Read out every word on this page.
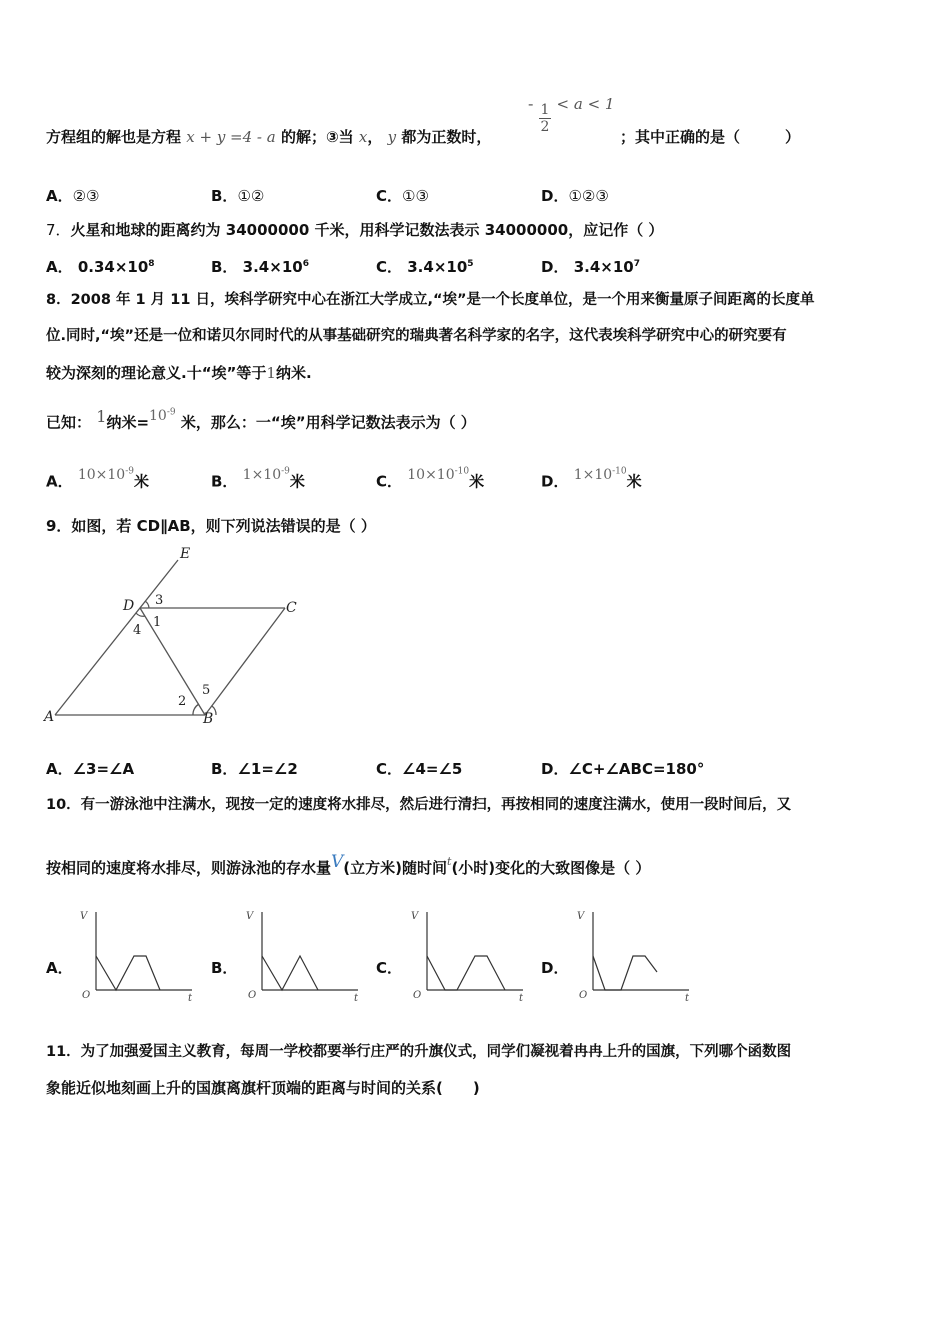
方程组的解也是方程 x + y =4 - a 的解；③当 x， y 都为正数时，
- $\frac{1}{2} < a < 1$
；其中正确的是（　　　）
A．②③	B．①②	C．①③	D．①②③
7．火星和地球的距离约为 34000000 千米，用科学记数法表示 34000000，应记作（ ）
A． $0.34\times 10^8$	B． $3.4\times 10^6$	C． $3.4\times 10^5$	D． $3.4\times 10^7$
8．2008 年 1 月 11 日，埃科学研究中心在浙江大学成立,“埃”是一个长度单位，是一个用来衡量原子间距离的长度单
位.同时,“埃”还是一位和诺贝尔同时代的从事基础研究的瑞典著名科学家的名字，这代表埃科学研究中心的研究要有
较为深刻的理论意义.十“埃”等于1纳米.
已知： 1纳米$=10^{-9}$ 米，那么：一“埃”用科学记数法表示为（ ）
A． $10\times 10^{-9}$米	B． $1\times 10^{-9}$米	C． $10\times 10^{-10}$米	D． $1\times 10^{-10}$米
9．如图，若 CD∥AB，则下列说法错误的是（ ）
E
D	C
3
1
4
A	B
2
5
A．∠3=∠A	B．∠1=∠2	C．∠4=∠5	D．∠C+∠ABC=180°
10．有一游泳池中注满水，现按一定的速度将水排尽，然后进行清扫，再按相同的速度注满水，使用一段时间后，又
按相同的速度将水排尽，则游泳池的存水量V(立方米)随时间$^t$(小时)变化的大致图像是（ ）
A．
V
O	t
B．
V
O	t
C．
V
O	t
D．
V
O	t
11．为了加强爱国主义教育，每周一学校都要举行庄严的升旗仪式，同学们凝视着冉冉上升的国旗，下列哪个函数图
象能近似地刻画上升的国旗离旗杆顶端的距离与时间的关系(　　)
